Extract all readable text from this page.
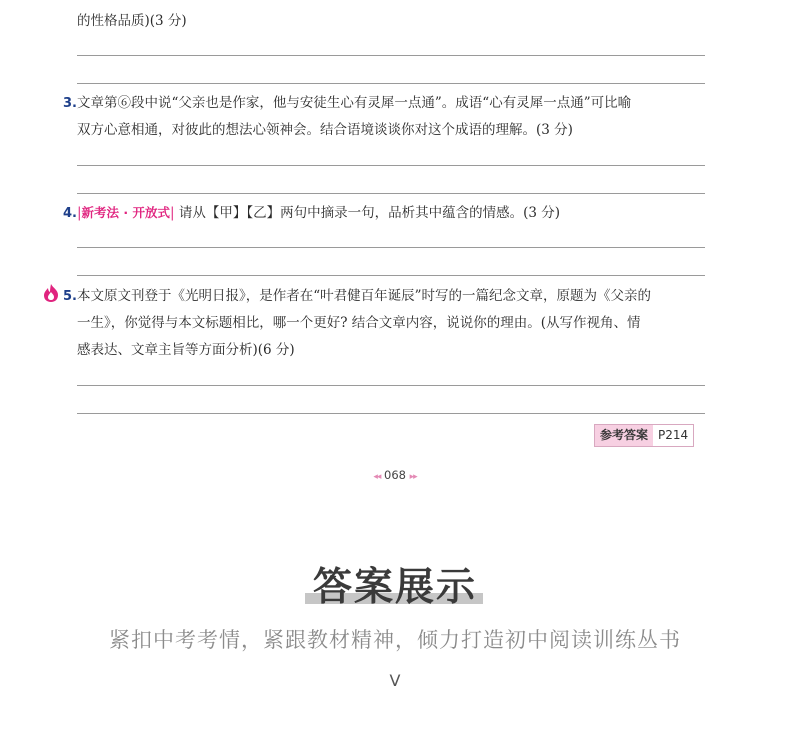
的性格品质)(3 分)
3.文章第⑥段中说“父亲也是作家，他与安徒生心有灵犀一点通”。成语“心有灵犀一点通”可比喻
双方心意相通，对彼此的想法心领神会。结合语境谈谈你对这个成语的理解。(3 分)
4.|新考法 · 开放式| 请从【甲】【乙】两句中摘录一句，品析其中蕴含的情感。(3 分)
5.本文原文刊登于《光明日报》，是作者在“叶君健百年诞辰”时写的一篇纪念文章，原题为《父亲的
一生》，你觉得与本文标题相比，哪一个更好? 结合文章内容，说说你的理由。(从写作视角、情
感表达、文章主旨等方面分析)(6 分)
参考答案 P214
◂◂ 068 ▸▸
答案展示
紧扣中考考情，紧跟教材精神，倾力打造初中阅读训练丛书
V
